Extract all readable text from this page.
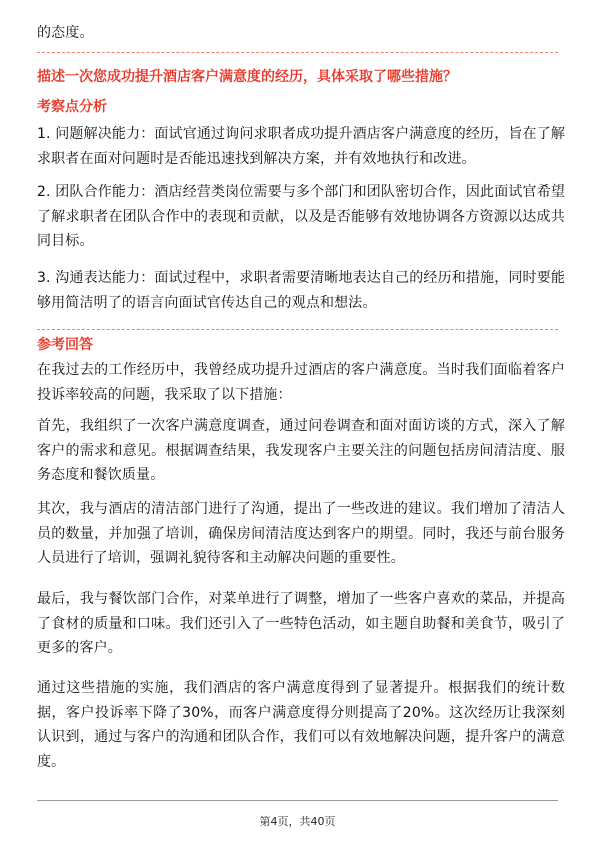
的态度。

描述一次您成功提升酒店客户满意度的经历，具体采取了哪些措施？

考察点分析

1. 问题解决能力：面试官通过询问求职者成功提升酒店客户满意度的经历，旨在了解求职者在面对问题时是否能迅速找到解决方案，并有效地执行和改进。

2. 团队合作能力：酒店经营类岗位需要与多个部门和团队密切合作，因此面试官希望了解求职者在团队合作中的表现和贡献，以及是否能够有效地协调各方资源以达成共同目标。

3. 沟通表达能力：面试过程中，求职者需要清晰地表达自己的经历和措施，同时要能够用简洁明了的语言向面试官传达自己的观点和想法。

参考回答

在我过去的工作经历中，我曾经成功提升过酒店的客户满意度。当时我们面临着客户投诉率较高的问题，我采取了以下措施：

首先，我组织了一次客户满意度调查，通过问卷调查和面对面访谈的方式，深入了解客户的需求和意见。根据调查结果，我发现客户主要关注的问题包括房间清洁度、服务态度和餐饮质量。

其次，我与酒店的清洁部门进行了沟通，提出了一些改进的建议。我们增加了清洁人员的数量，并加强了培训，确保房间清洁度达到客户的期望。同时，我还与前台服务人员进行了培训，强调礼貌待客和主动解决问题的重要性。

最后，我与餐饮部门合作，对菜单进行了调整，增加了一些客户喜欢的菜品，并提高了食材的质量和口味。我们还引入了一些特色活动，如主题自助餐和美食节，吸引了更多的客户。

通过这些措施的实施，我们酒店的客户满意度得到了显著提升。根据我们的统计数据，客户投诉率下降了30%，而客户满意度得分则提高了20%。这次经历让我深刻认识到，通过与客户的沟通和团队合作，我们可以有效地解决问题，提升客户的满意度。

第4页，共40页
